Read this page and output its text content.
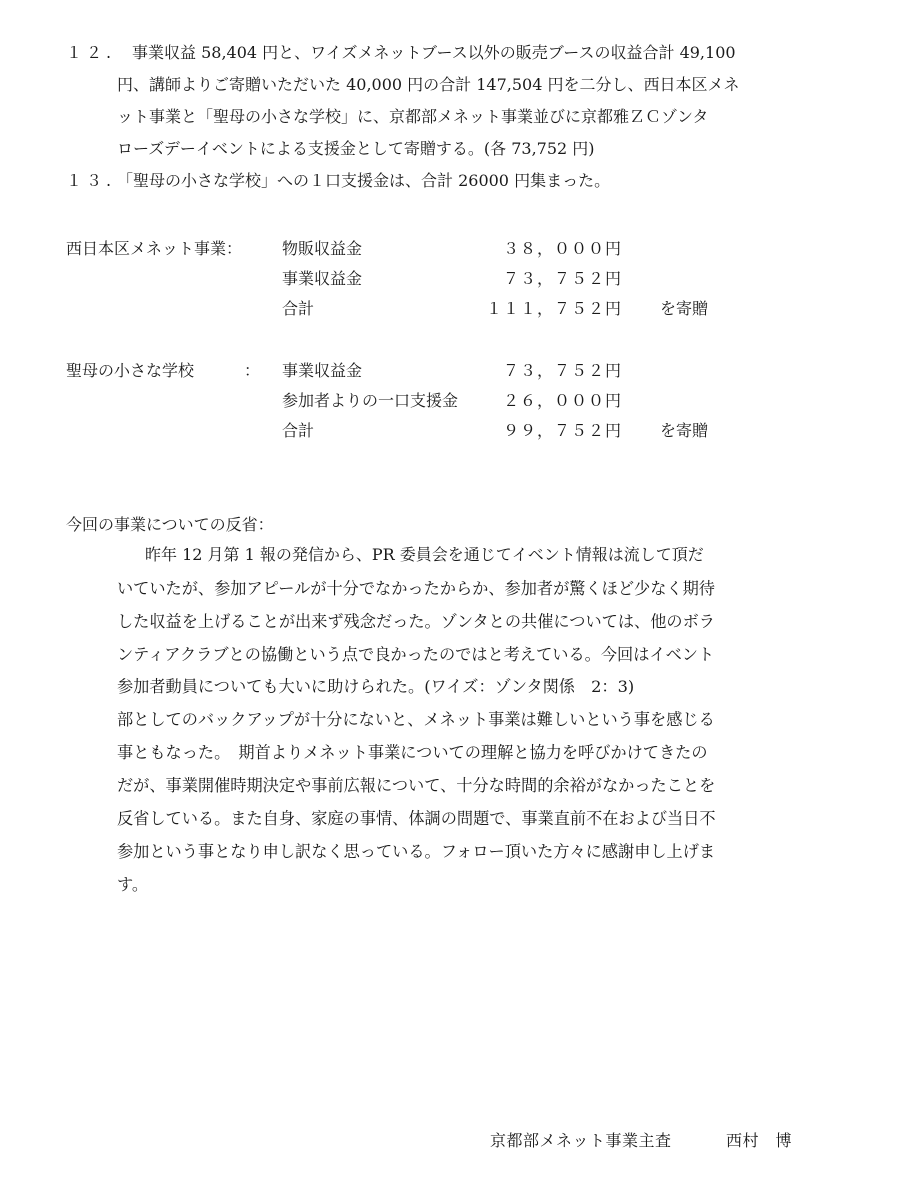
１２. 事業収益 58,404 円と、ワイズメネットブース以外の販売ブースの収益合計 49,100
円、講師よりご寄贈いただいた 40,000 円の合計 147,504 円を二分し、西日本区メネ
ット事業と「聖母の小さな学校」に、京都部メネット事業並びに京都雅ＺＣゾンタ
ローズデーイベントによる支援金として寄贈する。(各 73,752 円)
１３. 「聖母の小さな学校」への１口支援金は、合計 26000 円集まった。
西日本区メネット事業： 物販収益金	３８，０００円
事業収益金	７３，７５２円
合計	１１１，７５２円 を寄贈
聖母の小さな学校	： 事業収益金	７３，７５２円
参加者よりの一口支援金	２６，０００円
合計	９９，７５２円 を寄贈
今回の事業についての反省：
昨年 12 月第 1 報の発信から、PR 委員会を通じてイベント情報は流して頂だ
いていたが、参加アピールが十分でなかったからか、参加者が驚くほど少なく期待
した収益を上げることが出来ず残念だった。ゾンタとの共催については、他のボラ
ンティアクラブとの協働という点で良かったのではと考えている。今回はイベント
参加者動員についても大いに助けられた。(ワイズ：ゾンタ関係　2：3)
部としてのバックアップが十分にないと、メネット事業は難しいという事を感じる
事ともなった。　期首よりメネット事業についての理解と協力を呼びかけてきたの
だが、事業開催時期決定や事前広報について、十分な時間的余裕がなかったことを
反省している。また自身、家庭の事情、体調の問題で、事業直前不在および当日不
参加という事となり申し訳なく思っている。フォロー頂いた方々に感謝申し上げま
す。
京都部メネット事業主査	西村　博
